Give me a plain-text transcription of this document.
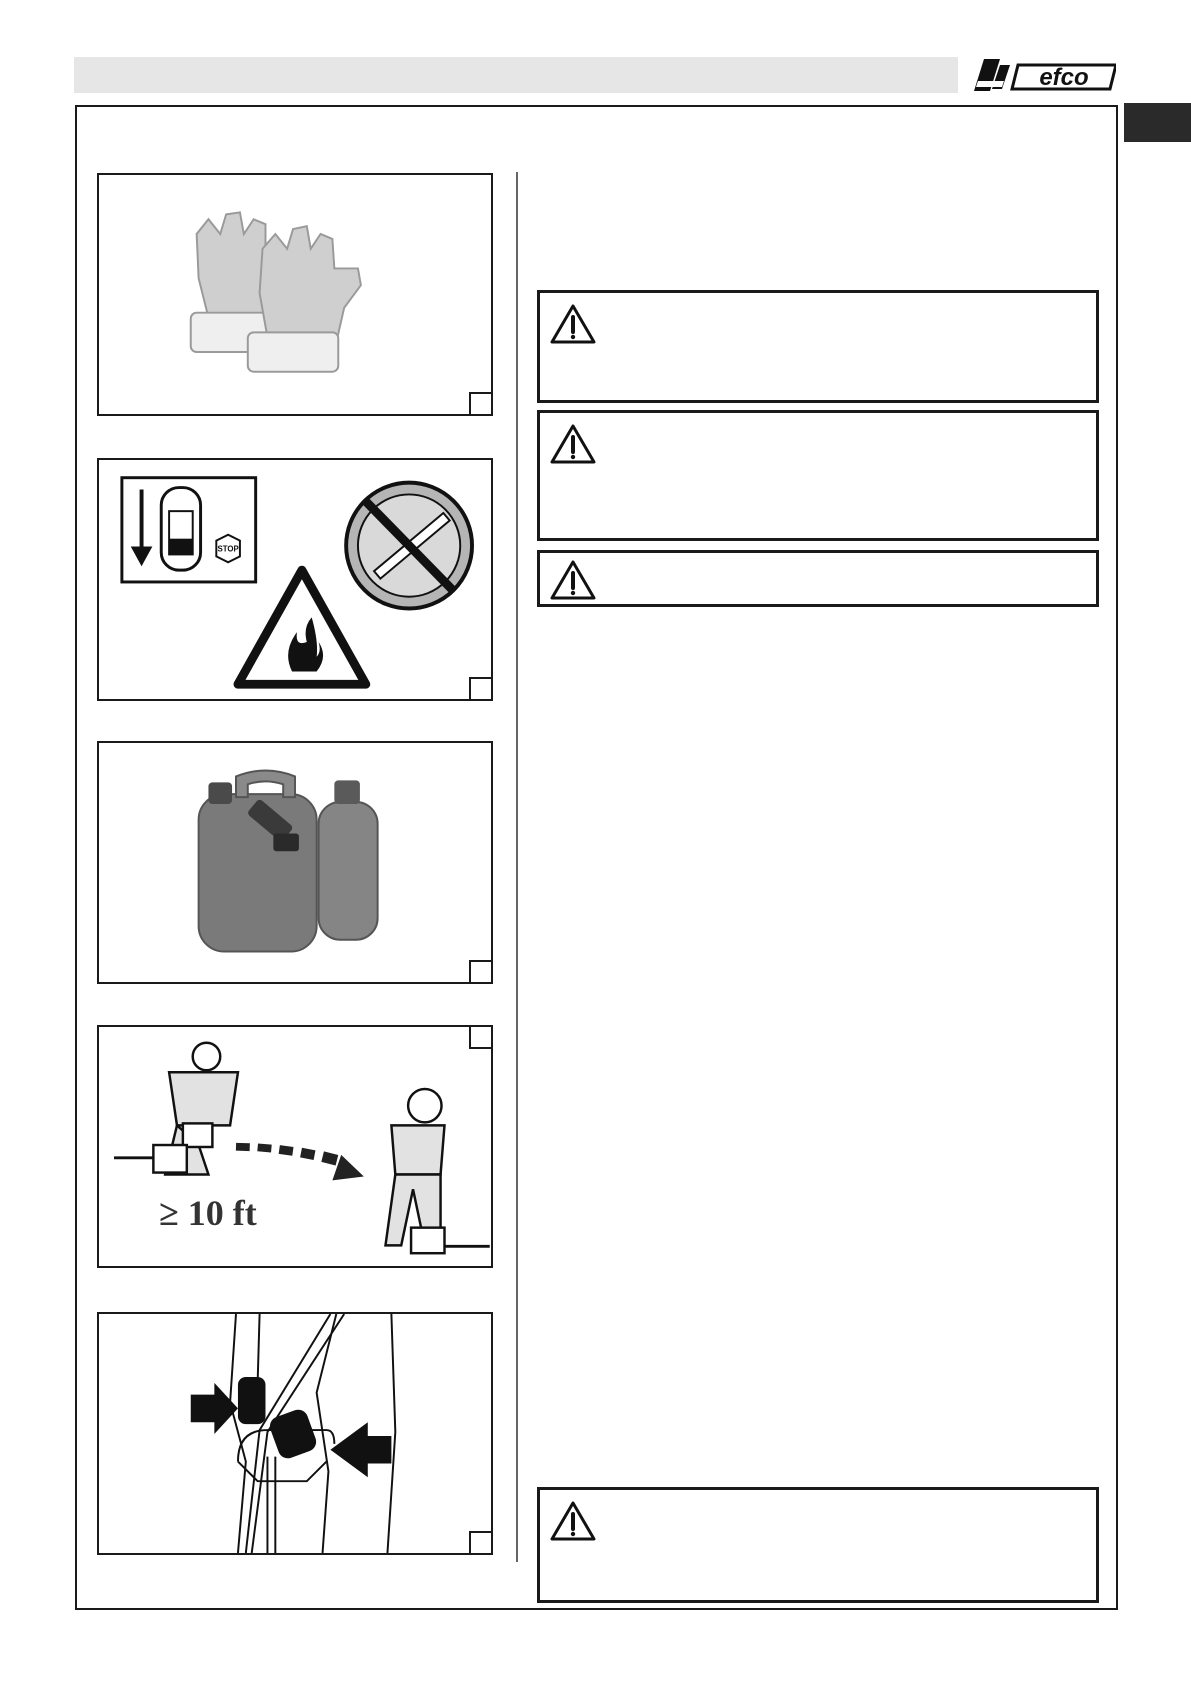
efco
STOP
≥ 10 ft
